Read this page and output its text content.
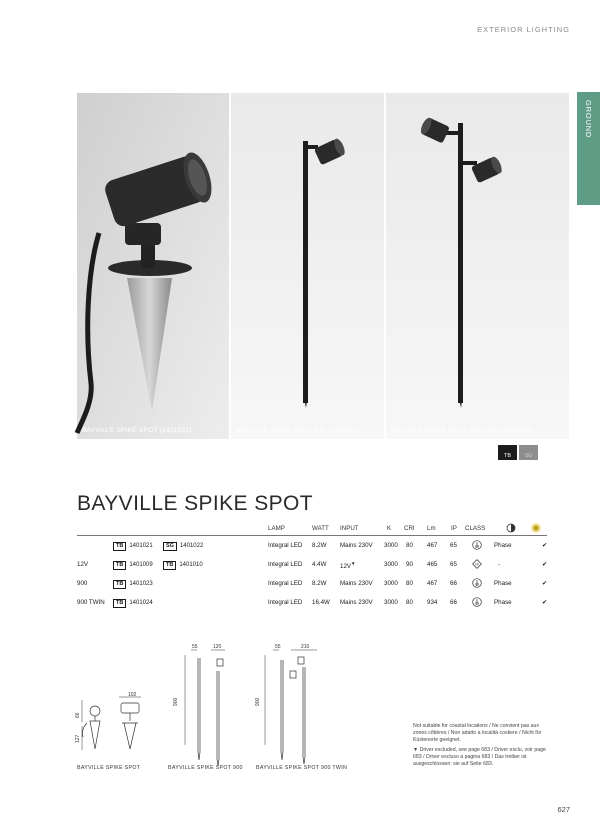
EXTERIOR LIGHTING
GROUND
BAYVILLE SPIKE SPOT (1401021)	BAYVILLE SPIKE SPOT 900 (1401023)	BAYVILLE SPIKE SPOT 900 TWIN (1401024)
TB	SG
BAYVILLE SPIKE SPOT
LAMP	WATT INPUT	K CRI Lm IP CLASS
TB 1401021	SG 1401022	Integral LED 8.2W Mains 230V 3000 80 467 65	Phase	✔
12V	TB 1401009	TB 1401010	Integral LED 4.4W 12V▼	3000 90 465 65	III	-	✔
900	TB 1401023	Integral LED 8.2W Mains 230V 3000 80 467 66	Phase	✔
900 TWIN	TB 1401024	Integral LED 16.4W Mains 230V 3000 80 934 66	Phase	✔
102
66
127
900
55	120
900
55	210
BAYVILLE SPIKE SPOT	BAYVILLE SPIKE SPOT 900	BAYVILLE SPIKE SPOT 900 TWIN

Not suitable for coastal locations / Ne convient pas aux zones côtières / Non adatto a località costiere / Nicht für Küstenorte geeignet.

▼ Driver excluded, see page 683 / Driver exclu, voir page 683 / Driver escluso a pagina 683 / Das treiber ist ausgeschlossen: sie auf Seite 683.

627
